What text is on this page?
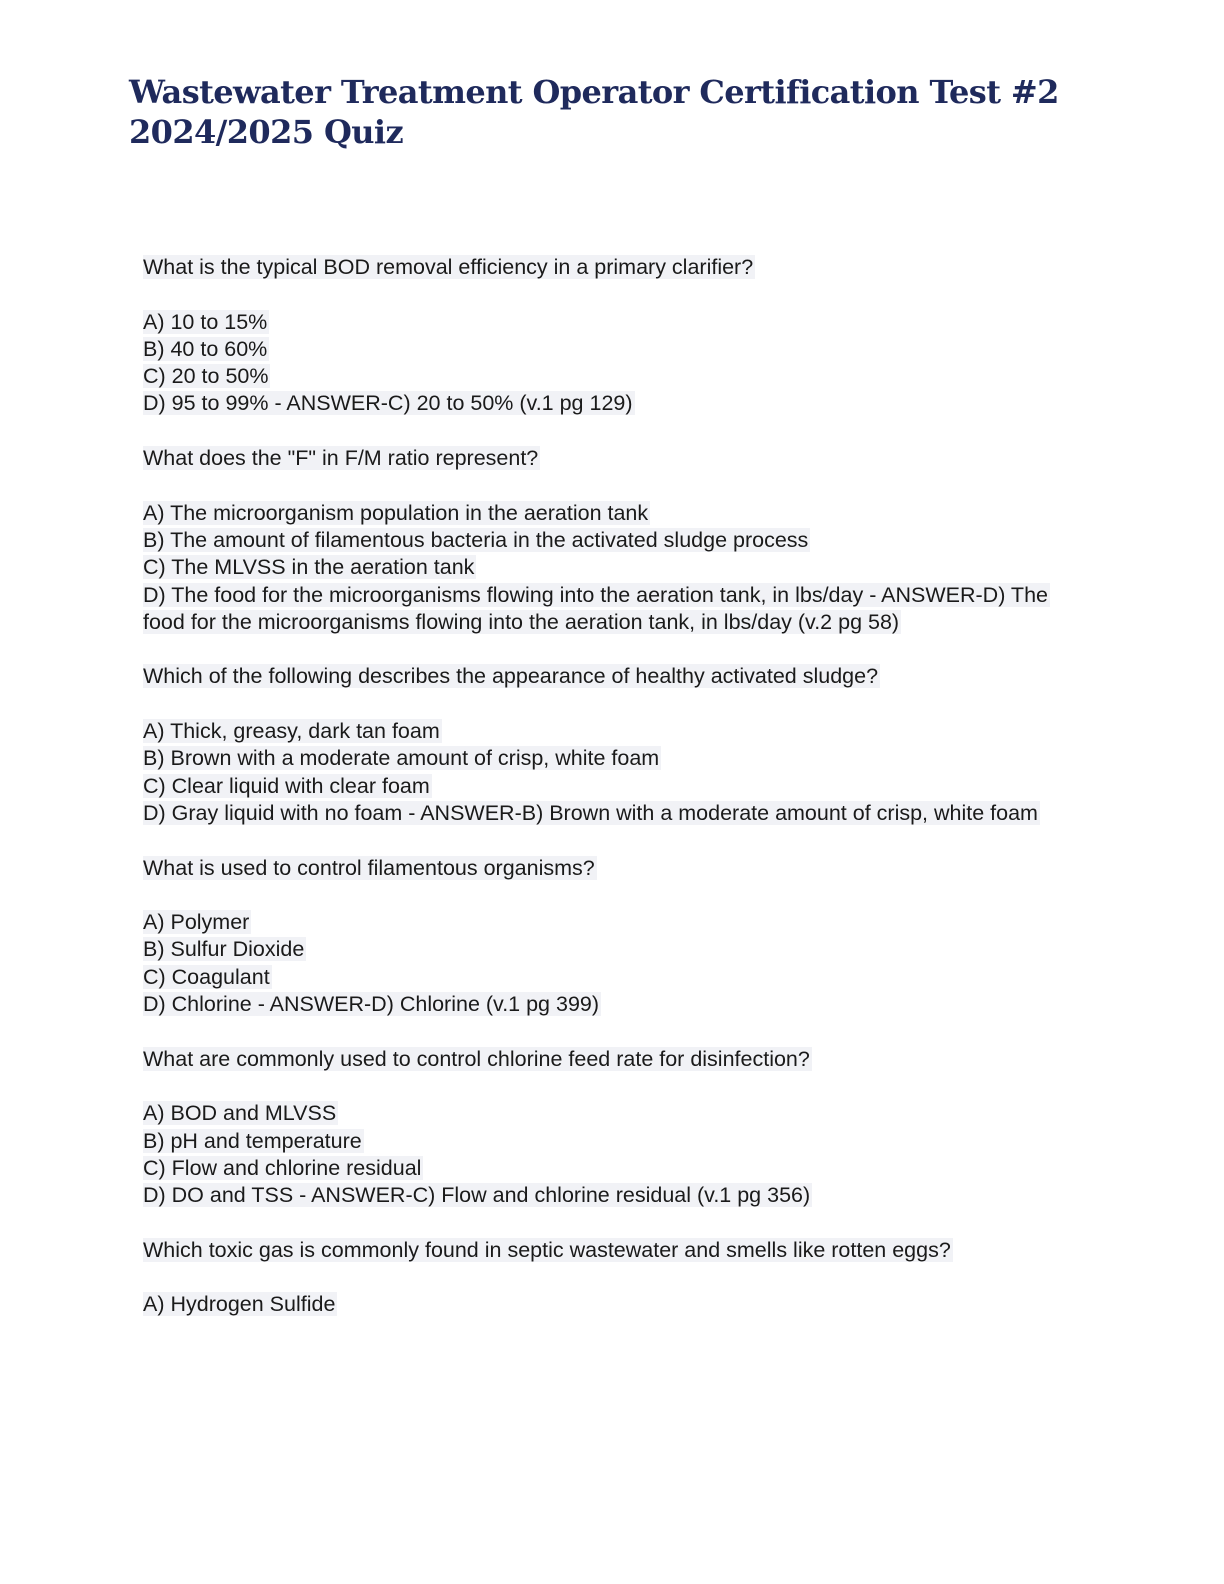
Wastewater Treatment Operator Certification Test #2
2024/2025 Quiz
What is the typical BOD removal efficiency in a primary clarifier?
A) 10 to 15%
B) 40 to 60%
C) 20 to 50%
D) 95 to 99% - ANSWER-C) 20 to 50% (v.1 pg 129)
What does the "F" in F/M ratio represent?
A) The microorganism population in the aeration tank
B) The amount of filamentous bacteria in the activated sludge process
C) The MLVSS in the aeration tank
D) The food for the microorganisms flowing into the aeration tank, in lbs/day - ANSWER-D) The food for the microorganisms flowing into the aeration tank, in lbs/day (v.2 pg 58)
Which of the following describes the appearance of healthy activated sludge?
A) Thick, greasy, dark tan foam
B) Brown with a moderate amount of crisp, white foam
C) Clear liquid with clear foam
D) Gray liquid with no foam - ANSWER-B) Brown with a moderate amount of crisp, white foam
What is used to control filamentous organisms?
A) Polymer
B) Sulfur Dioxide
C) Coagulant
D) Chlorine - ANSWER-D) Chlorine (v.1 pg 399)
What are commonly used to control chlorine feed rate for disinfection?
A) BOD and MLVSS
B) pH and temperature
C) Flow and chlorine residual
D) DO and TSS - ANSWER-C) Flow and chlorine residual (v.1 pg 356)
Which toxic gas is commonly found in septic wastewater and smells like rotten eggs?
A) Hydrogen Sulfide
